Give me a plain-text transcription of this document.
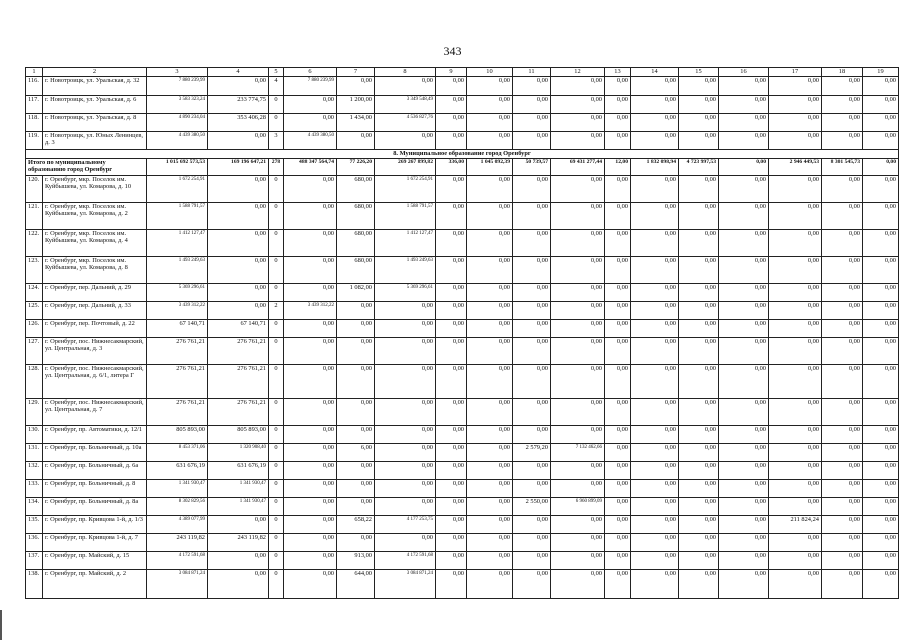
343
1	2	3	4	5	6	7	8	9	10	11	12	13	14	15	16	17	18	19
116.	г. Новотроицк, ул. Уральская, д. 32	7 880 239,99	0,00	4	7 880 239,99	0,00	0,00	0,00	0,00	0,00	0,00	0,00	0,00	0,00	0,00	0,00	0,00	0,00
117.	г. Новотроицк, ул. Уральская, д. 6	3 583 323,24	233 774,75	0	0,00	1 200,00	3 349 548,49	0,00	0,00	0,00	0,00	0,00	0,00	0,00	0,00	0,00	0,00	0,00
118.	г. Новотроицк, ул. Уральская, д. 8	4 890 234,04	353 406,28	0	0,00	1 434,00	4 536 827,76	0,00	0,00	0,00	0,00	0,00	0,00	0,00	0,00	0,00	0,00	0,00
119.	г. Новотроицк, ул. Юных Ленинцев, д. 3	4 439 380,50	0,00	3	4 439 380,50	0,00	0,00	0,00	0,00	0,00	0,00	0,00	0,00	0,00	0,00	0,00	0,00	0,00
8. Муниципальное образование город Оренбург																		
Итого по муниципальному образованию город Оренбург		1 015 692 573,53	169 196 647,21	278	488 347 564,74	77 226,20	269 267 899,82	336,00	1 045 092,39	50 739,57	69 431 277,44	12,00	1 832 098,94	4 723 997,53	0,00	2 946 449,53	8 301 545,73	0,00
120.	г. Оренбург, мкр. Поселок им. Куйбышева, ул. Комарова, д. 10	1 672 254,91	0,00	0	0,00	680,00	1 672 254,91	0,00	0,00	0,00	0,00	0,00	0,00	0,00	0,00	0,00	0,00	0,00
121.	г. Оренбург, мкр. Поселок им. Куйбышева, ул. Комарова, д. 2	1 588 791,57	0,00	0	0,00	680,00	1 588 791,57	0,00	0,00	0,00	0,00	0,00	0,00	0,00	0,00	0,00	0,00	0,00
122.	г. Оренбург, мкр. Поселок им. Куйбышева, ул. Комарова, д. 4	1 412 127,47	0,00	0	0,00	680,00	1 412 127,47	0,00	0,00	0,00	0,00	0,00	0,00	0,00	0,00	0,00	0,00	0,00
123.	г. Оренбург, мкр. Поселок им. Куйбышева, ул. Комарова, д. 8	1 493 249,63	0,00	0	0,00	680,00	1 493 249,63	0,00	0,00	0,00	0,00	0,00	0,00	0,00	0,00	0,00	0,00	0,00
124.	г. Оренбург, пер. Дальний, д. 29	5 369 296,61	0,00	0	0,00	1 082,00	5 369 296,61	0,00	0,00	0,00	0,00	0,00	0,00	0,00	0,00	0,00	0,00	0,00
125.	г. Оренбург, пер. Дальний, д. 33	3 439 312,22	0,00	2	3 439 312,22	0,00	0,00	0,00	0,00	0,00	0,00	0,00	0,00	0,00	0,00	0,00	0,00	0,00
126.	г. Оренбург, пер. Почтовый, д. 22	67 140,71	67 140,71	0	0,00	0,00	0,00	0,00	0,00	0,00	0,00	0,00	0,00	0,00	0,00	0,00	0,00	0,00
127.	г. Оренбург, пос. Нижнесакмарский, ул. Центральная, д. 3	276 761,21	276 761,21	0	0,00	0,00	0,00	0,00	0,00	0,00	0,00	0,00	0,00	0,00	0,00	0,00	0,00	0,00
128.	г. Оренбург, пос. Нижнесакмарский, ул. Центральная, д. 6/1, литера Г	276 761,21	276 761,21	0	0,00	0,00	0,00	0,00	0,00	0,00	0,00	0,00	0,00	0,00	0,00	0,00	0,00	0,00
129.	г. Оренбург, пос. Нижнесакмарский, ул. Центральная, д. 7	276 761,21	276 761,21	0	0,00	0,00	0,00	0,00	0,00	0,00	0,00	0,00	0,00	0,00	0,00	0,00	0,00	0,00
130.	г. Оренбург, пр. Автоматики, д. 12/1	805 893,00	805 893,00	0	0,00	0,00	0,00	0,00	0,00	0,00	0,00	0,00	0,00	0,00	0,00	0,00	0,00	0,00
131.	г. Оренбург, пр. Больничный, д. 10а	8 453 371,06	1 320 908,40	0	0,00	6,00	0,00	0,00	0,00	2 579,20	7 132 462,66	0,00	0,00	0,00	0,00	0,00	0,00	0,00
132.	г. Оренбург, пр. Больничный, д. 6а	631 676,19	631 676,19	0	0,00	0,00	0,00	0,00	0,00	0,00	0,00	0,00	0,00	0,00	0,00	0,00	0,00	0,00
133.	г. Оренбург, пр. Больничный, д. 8	1 341 930,47	1 341 930,47	0	0,00	0,00	0,00	0,00	0,00	0,00	0,00	0,00	0,00	0,00	0,00	0,00	0,00	0,00
134.	г. Оренбург, пр. Больничный, д. 8а	8 302 829,56	1 341 930,47	0	0,00	0,00	0,00	0,00	0,00	2 550,00	6 960 899,09	0,00	0,00	0,00	0,00	0,00	0,00	0,00
135.	г. Оренбург, пр. Кривцова 1-й, д. 1/3	4 389 077,99	0,00	0	0,00	658,22	4 177 253,75	0,00	0,00	0,00	0,00	0,00	0,00	0,00	0,00	211 824,24	0,00	0,00
136.	г. Оренбург, пр. Кривцова 1-й, д. 7	243 119,82	243 119,82	0	0,00	0,00	0,00	0,00	0,00	0,00	0,00	0,00	0,00	0,00	0,00	0,00	0,00	0,00
137.	г. Оренбург, пр. Майский, д. 15	4 172 591,68	0,00	0	0,00	913,00	4 172 591,68	0,00	0,00	0,00	0,00	0,00	0,00	0,00	0,00	0,00	0,00	0,00
138.	г. Оренбург, пр. Майский, д. 2	3 084 871,24	0,00	0	0,00	644,00	3 084 871,24	0,00	0,00	0,00	0,00	0,00	0,00	0,00	0,00	0,00	0,00	0,00
